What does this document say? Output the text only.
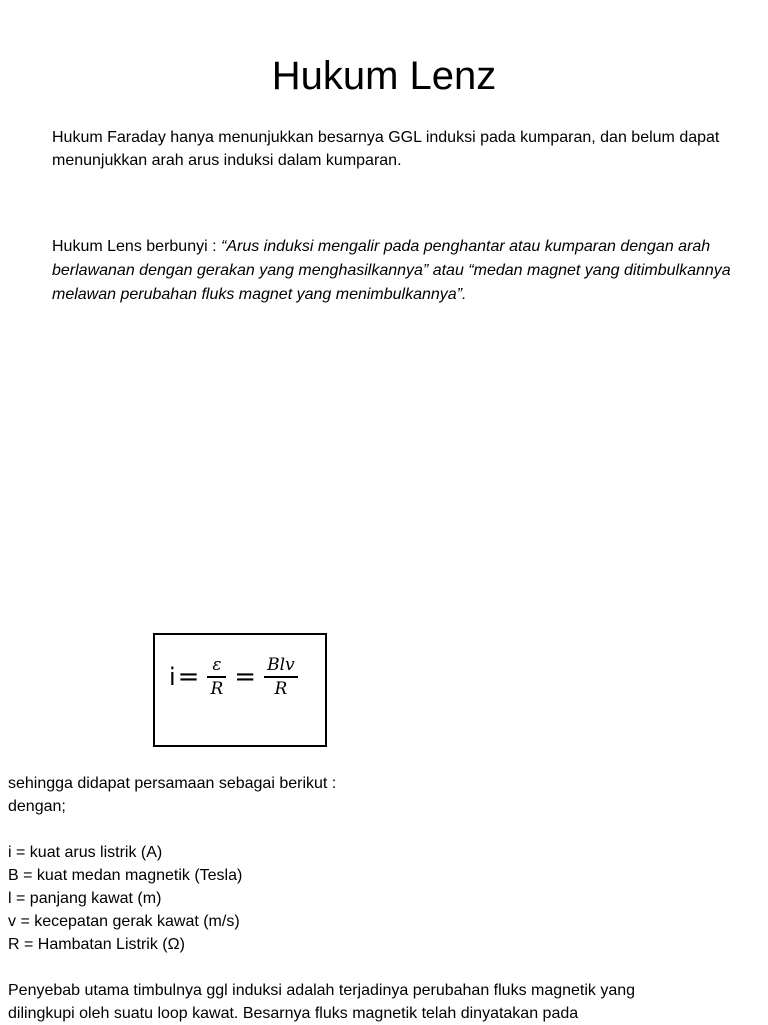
Hukum Lenz

Hukum Faraday hanya menunjukkan besarnya GGL induksi pada kumparan, dan belum dapat menunjukkan arah arus induksi dalam kumparan.

Hukum Lens berbunyi : “Arus induksi mengalir pada penghantar atau kumparan dengan arah berlawanan dengan gerakan yang menghasilkannya” atau “medan magnet yang ditimbulkannya melawan perubahan fluks magnet yang menimbulkannya”.

$i = \frac{\varepsilon}{R} = \frac{\text{Blv}}{R}$
sehingga didapat persamaan sebagai berikut :
dengan;
i = kuat arus listrik (A)
B = kuat medan magnetik (Tesla)
l = panjang kawat (m)
v = kecepatan gerak kawat (m/s)
R = Hambatan Listrik (Ω)
Penyebab utama timbulnya ggl induksi adalah terjadinya perubahan fluks magnetik yang
dilingkupi oleh suatu loop kawat. Besarnya fluks magnetik telah dinyatakan pada
